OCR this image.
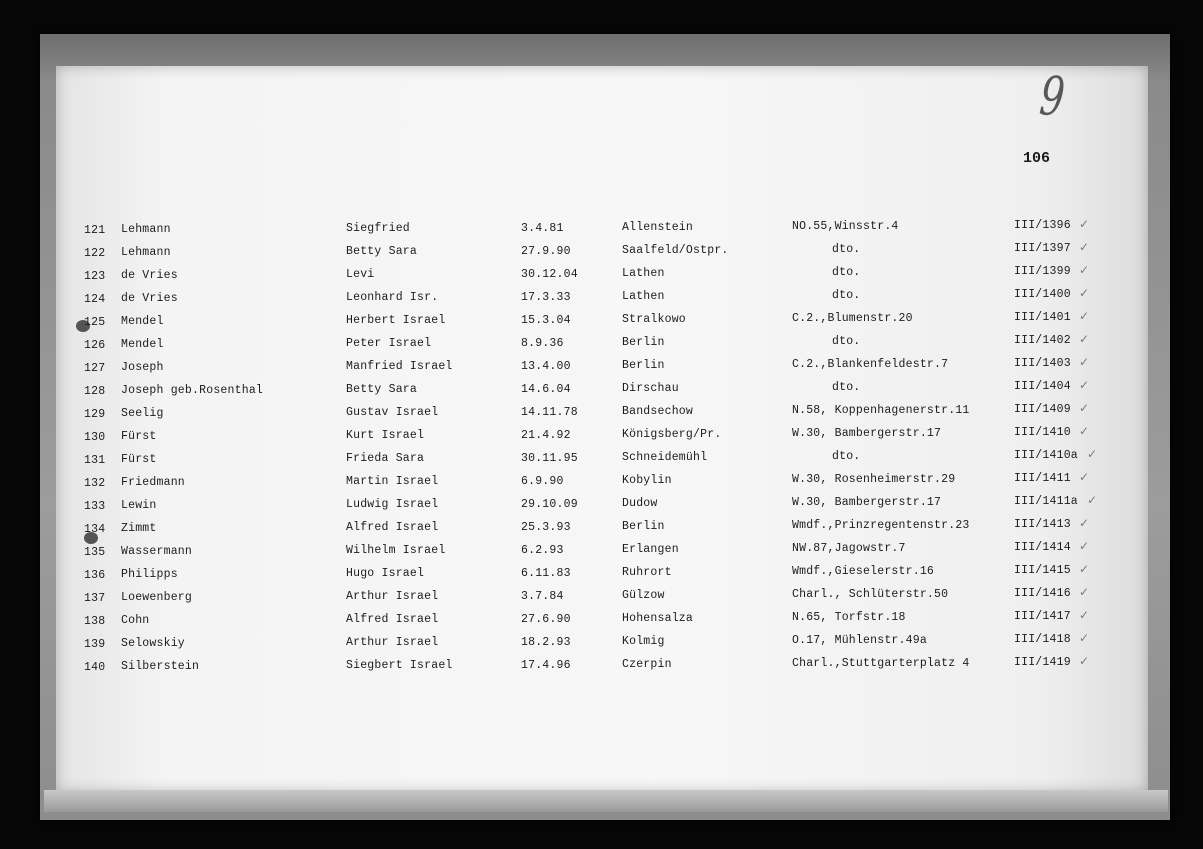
9
106
121 Lehmann	Siegfried	3.4.81	Allenstein	NO.55,Winsstr.4	III/1396 ✓
122 Lehmann	Betty Sara	27.9.90	Saalfeld/Ostpr.	dto.	III/1397 ✓
123 de Vries	Levi	30.12.04	Lathen	dto.	III/1399 ✓
124 de Vries	Leonhard Isr.	17.3.33	Lathen	dto.	III/1400 ✓
125 Mendel	Herbert Israel	15.3.04	Stralkowo	C.2.,Blumenstr.20	III/1401 ✓
126 Mendel	Peter Israel	8.9.36	Berlin	dto.	III/1402 ✓
127 Joseph	Manfried Israel	13.4.00	Berlin	C.2.,Blankenfeldestr.7	III/1403 ✓
128 Joseph geb.Rosenthal	Betty Sara	14.6.04	Dirschau	dto.	III/1404 ✓
129 Seelig	Gustav Israel	14.11.78	Bandsechow	N.58, Koppenhagenerstr.11	III/1409 ✓
130 Fürst	Kurt Israel	21.4.92	Königsberg/Pr.	W.30, Bambergerstr.17	III/1410 ✓
131 Fürst	Frieda Sara	30.11.95	Schneidemühl	dto.	III/1410a ✓
132 Friedmann	Martin Israel	6.9.90	Kobylin	W.30, Rosenheimerstr.29	III/1411 ✓
133 Lewin	Ludwig Israel	29.10.09	Dudow	W.30, Bambergerstr.17	III/1411a ✓
134 Zimmt	Alfred Israel	25.3.93	Berlin	Wmdf.,Prinzregentenstr.23	III/1413 ✓
135 Wassermann	Wilhelm Israel	6.2.93	Erlangen	NW.87,Jagowstr.7	III/1414 ✓
136 Philipps	Hugo Israel	6.11.83	Ruhrort	Wmdf.,Gieselerstr.16	III/1415 ✓
137 Loewenberg	Arthur Israel	3.7.84	Gülzow	Charl., Schlüterstr.50	III/1416 ✓
138 Cohn	Alfred Israel	27.6.90	Hohensalza	N.65, Torfstr.18	III/1417 ✓
139 Selowskiy	Arthur Israel	18.2.93	Kolmig	O.17, Mühlenstr.49a	III/1418 ✓
140 Silberstein	Siegbert Israel	17.4.96	Czerpin	Charl.,Stuttgarterplatz 4	III/1419 ✓
